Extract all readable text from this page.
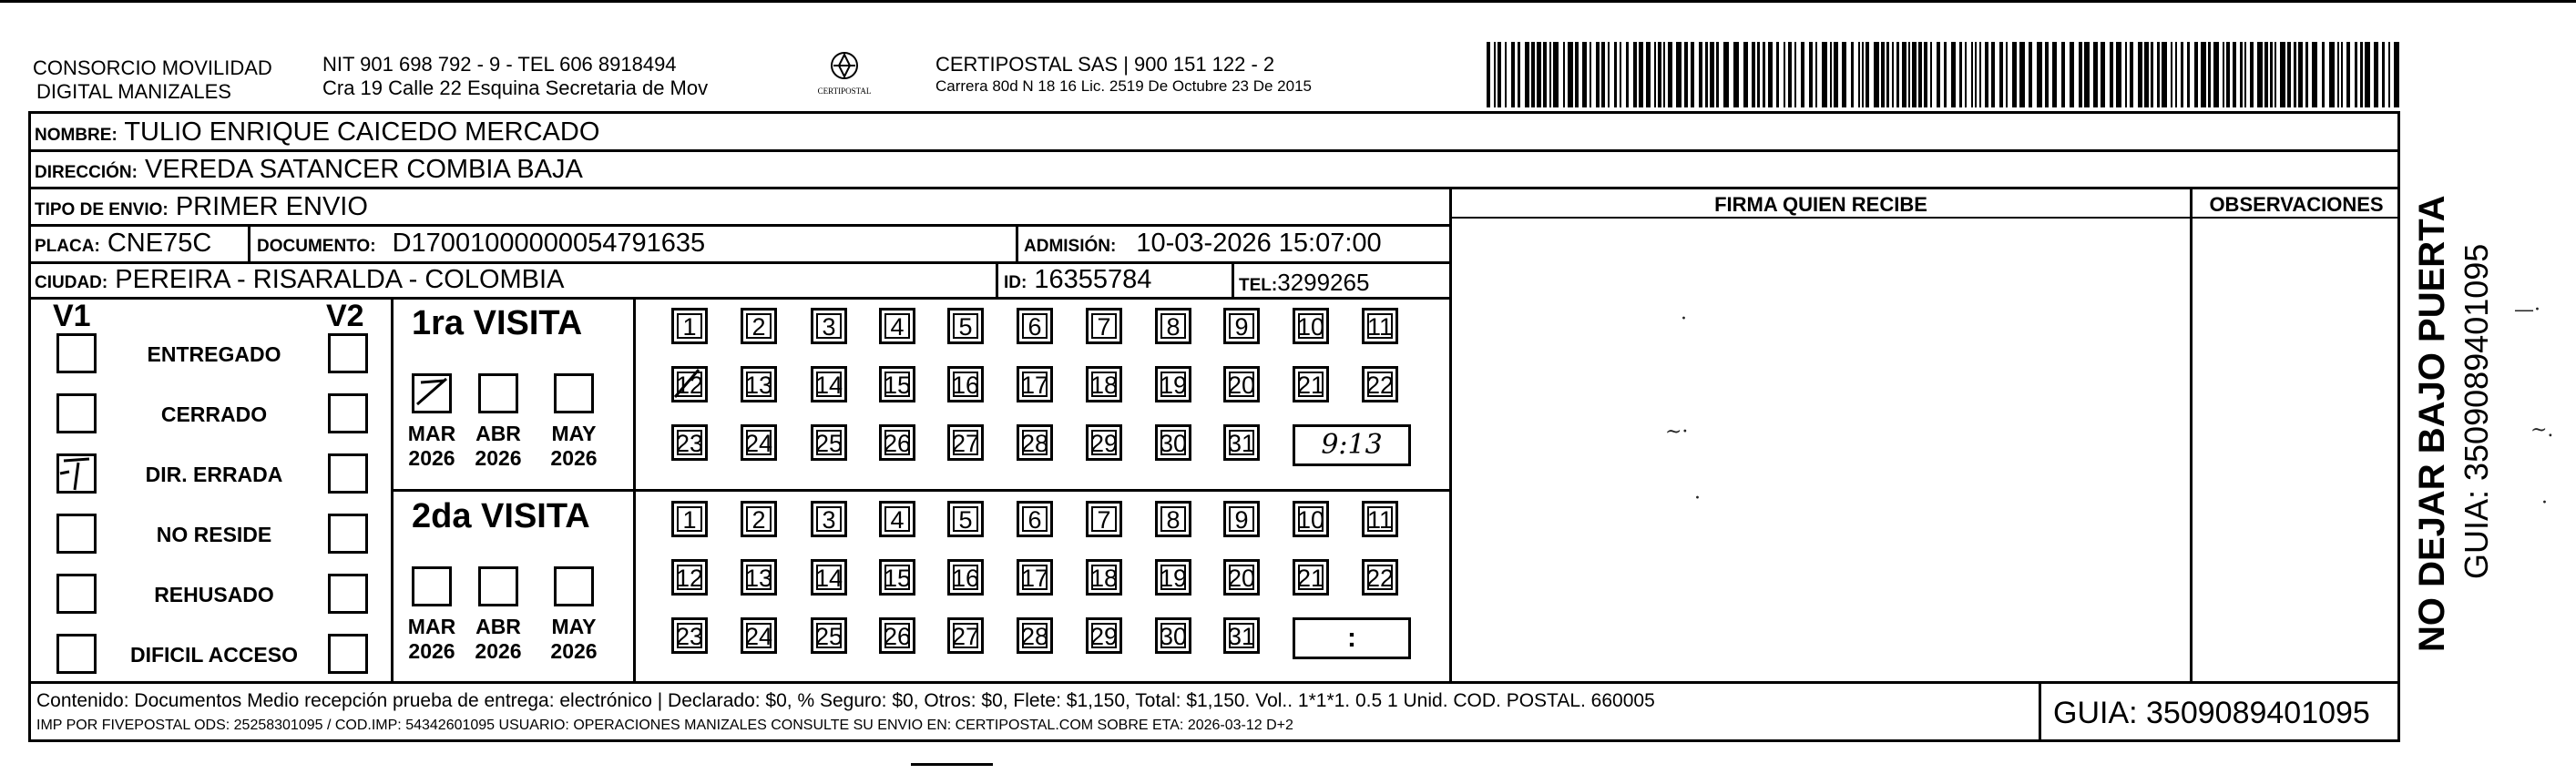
CONSORCIO MOVILIDAD
DIGITAL MANIZALES
NIT 901 698 792 - 9 - TEL 606 8918494
Cra 19 Calle 22 Esquina Secretaria de Mov	CERTIPOSTAL
CERTIPOSTAL SAS | 900 151 122 - 2
Carrera 80d N 18 16 Lic. 2519 De Octubre 23 De 2015
NOMBRE: TULIO ENRIQUE CAICEDO MERCADO
DIRECCIÓN: VEREDA SATANCER COMBIA BAJA
TIPO DE ENVIO: PRIMER ENVIO
PLACA: CNE75C	DOCUMENTO: D17001000000054791635	ADMISIÓN: 10-03-2026 15:07:00
CIUDAD: PEREIRA - RISARALDA - COLOMBIA	ID: 16355784	TEL:3299265
FIRMA QUIEN RECIBE	OBSERVACIONES
V1	V2
ENTREGADO
CERRADO
DIR. ERRADA
NO RESIDE
REHUSADO
DIFICIL ACCESO
1ra VISITA
MAR
2026
ABR
2026
MAY
2026
1	2	3	4	5	6	7	8	9	10 11
12 13 14 15 16 17 18 19 20 21 22
23 24 25 26 27 28 29 30 31	9:13
2da VISITA
MAR
2026
ABR
2026
MAY
2026
1	2	3	4	5	6	7	8	9	10 11
12 13 14 15 16 17 18 19 20 21 22
23 24 25 26 27 28 29 30 31	:
Contenido: Documentos Medio recepción prueba de entrega: electrónico | Declarado: $0, % Seguro: $0, Otros: $0, Flete: $1,150, Total: $1,150. Vol.. 1*1*1. 0.5 1 Unid. COD. POSTAL. 660005
IMP POR FIVEPOSTAL ODS: 25258301095 / COD.IMP: 54342601095 USUARIO: OPERACIONES MANIZALES CONSULTE SU ENVIO EN: CERTIPOSTAL.COM SOBRE ETA: 2026-03-12 D+2	GUIA: 3509089401095
NO DEJAR BAJO PUERTA GUIA: 3509089401095
·
~·
·
—·
~.
·
